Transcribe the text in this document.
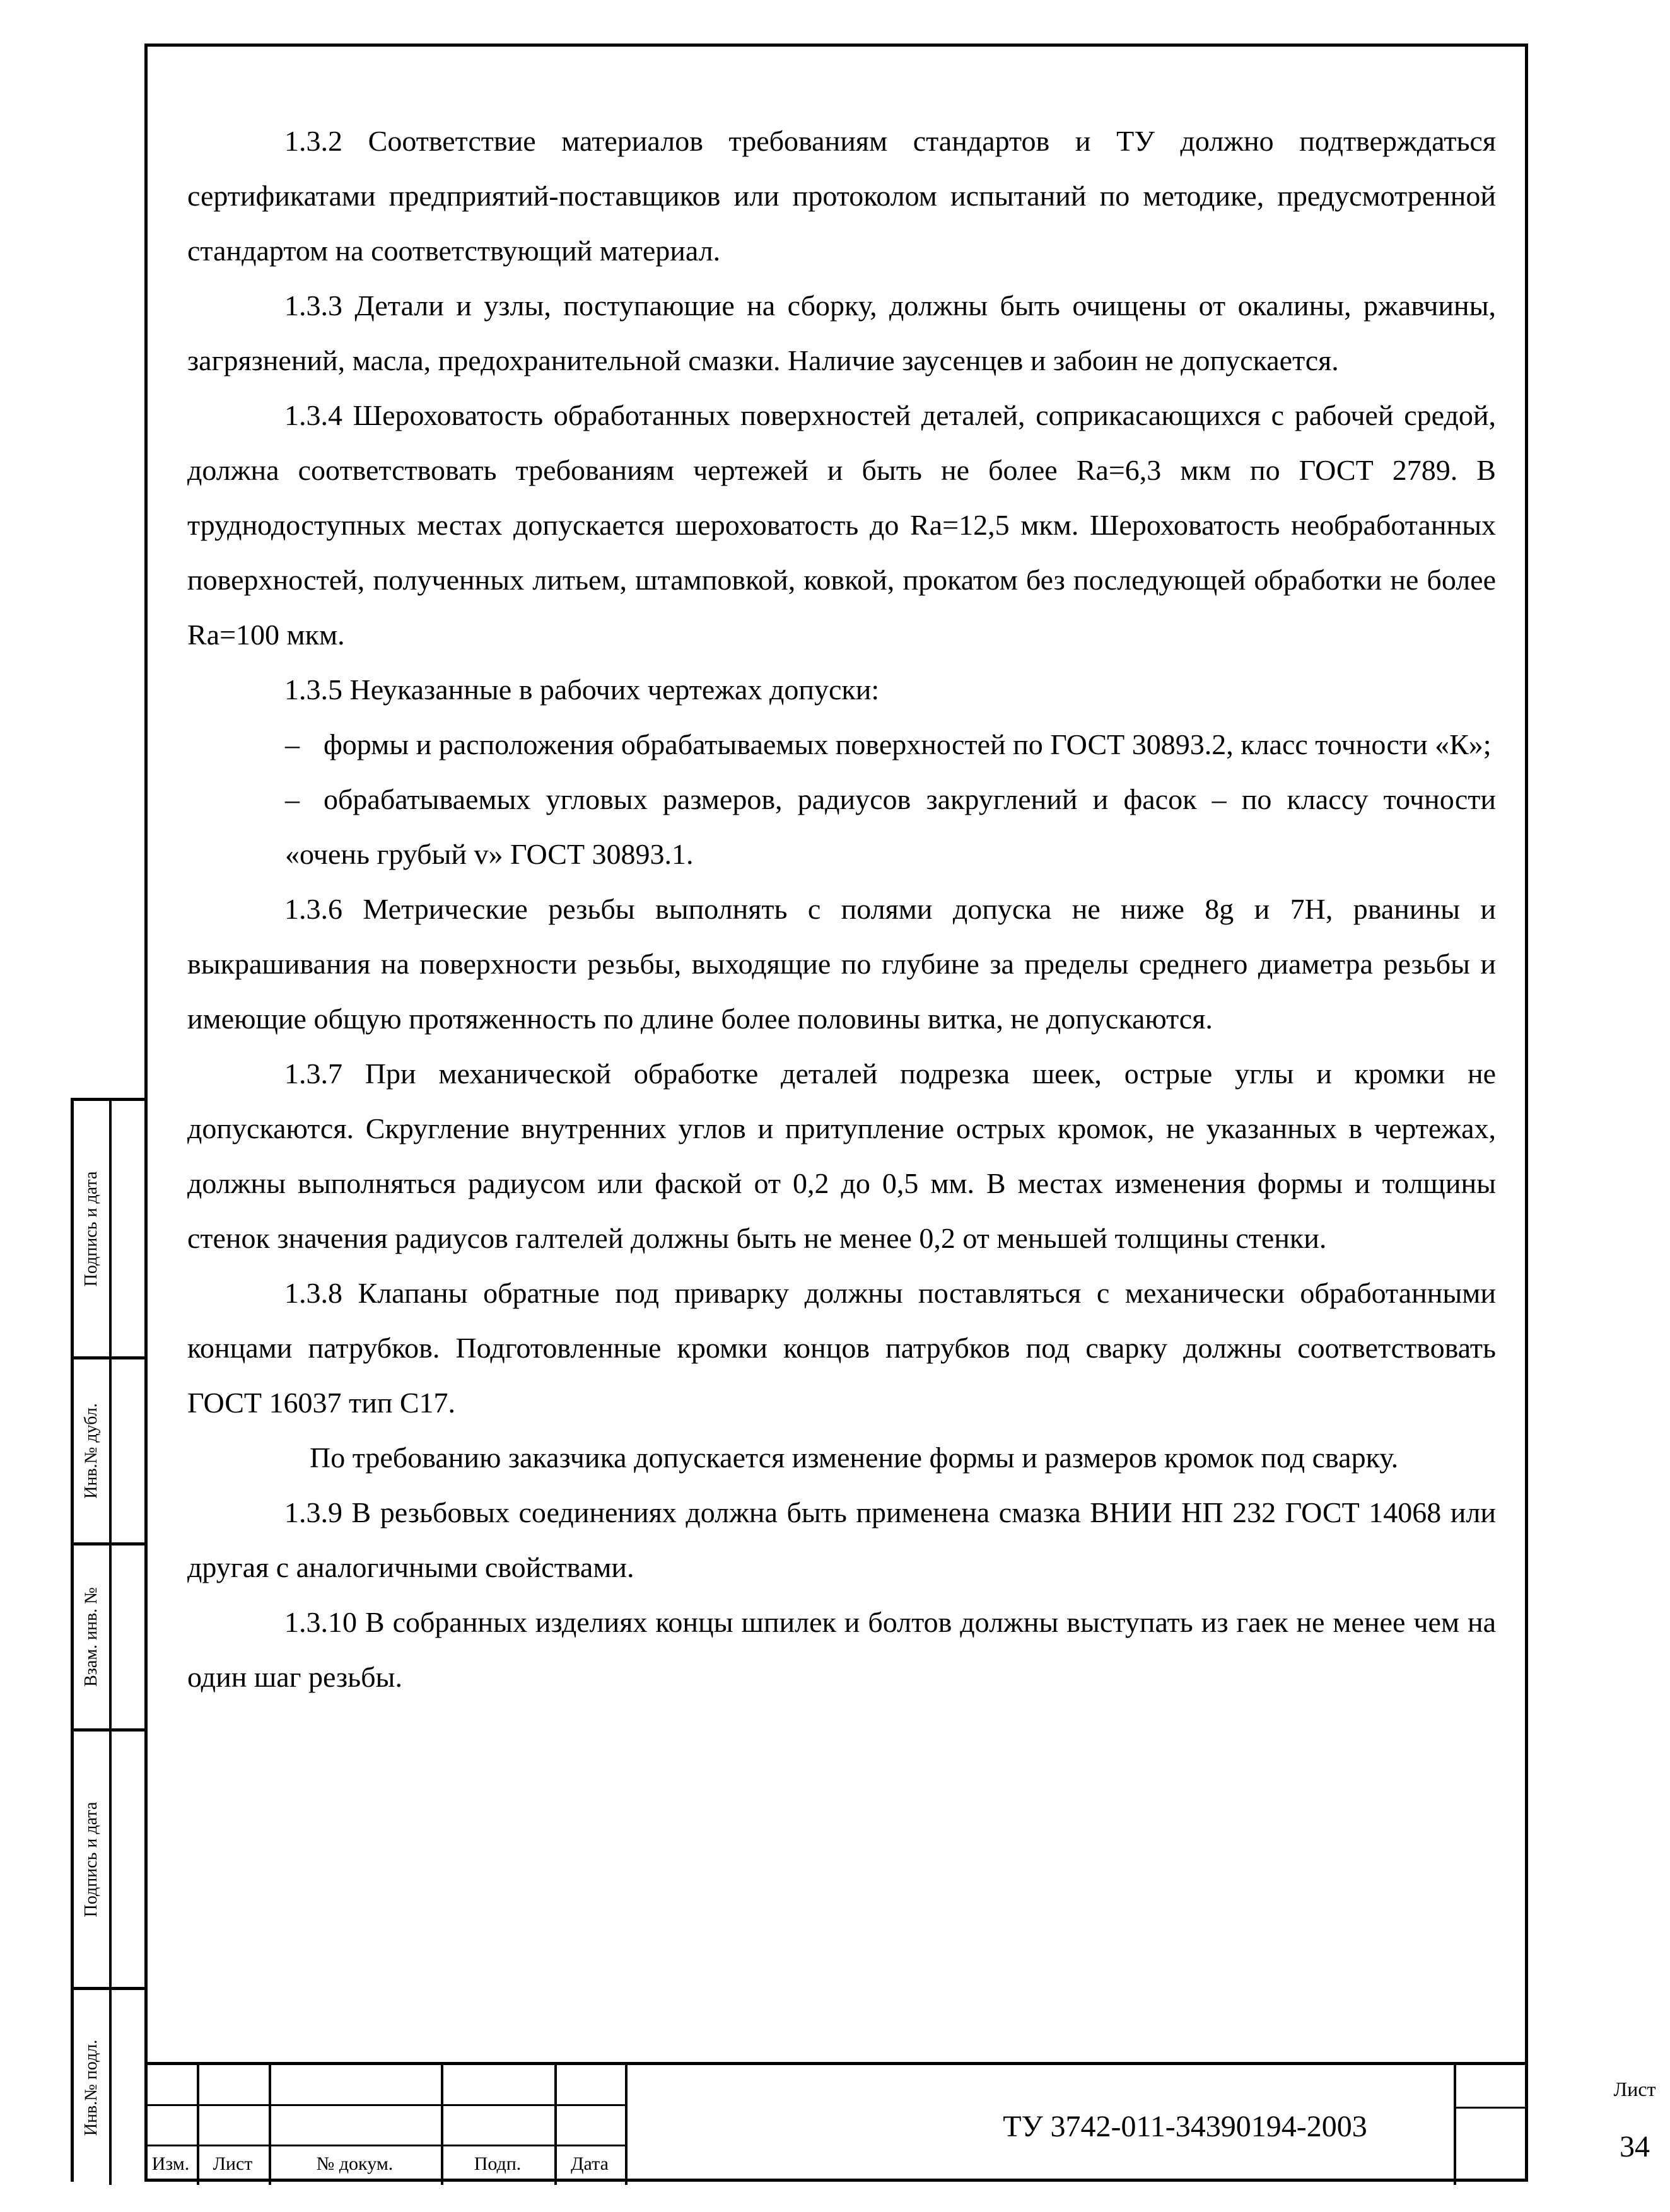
1.3.2 Соответствие материалов требованиям стандартов и ТУ должно подтверждаться сертификатами предприятий-поставщиков или протоколом испытаний по методике, предусмотренной стандартом на соответствующий материал.

1.3.3 Детали и узлы, поступающие на сборку, должны быть очищены от окалины, ржавчины, загрязнений, масла, предохранительной смазки. Наличие заусенцев и забоин не допускается.

1.3.4 Шероховатость обработанных поверхностей деталей, соприкасающихся с рабочей средой, должна соответствовать требованиям чертежей и быть не более Ra=6,3 мкм по ГОСТ 2789. В труднодоступных местах допускается шероховатость до Ra=12,5 мкм. Шероховатость необработанных поверхностей, полученных литьем, штамповкой, ковкой, прокатом без последующей обработки не более Ra=100 мкм.

1.3.5 Неуказанные в рабочих чертежах допуски:

– формы и расположения обрабатываемых поверхностей по ГОСТ 30893.2, класс точности «К»;

– обрабатываемых угловых размеров, радиусов закруглений и фасок – по классу точности «очень грубый v» ГОСТ 30893.1.

1.3.6 Метрические резьбы выполнять с полями допуска не ниже 8g и 7H, рванины и выкрашивания на поверхности резьбы, выходящие по глубине за пределы среднего диаметра резьбы и имеющие общую протяженность по длине более половины витка, не допускаются.

1.3.7 При механической обработке деталей подрезка шеек, острые углы и кромки не допускаются. Скругление внутренних углов и притупление острых кромок, не указанных в чертежах, должны выполняться радиусом или фаской от 0,2 до 0,5 мм. В местах изменения формы и толщины стенок значения радиусов галтелей должны быть не менее 0,2 от меньшей толщины стенки.

1.3.8 Клапаны обратные под приварку должны поставляться с механически обработанными концами патрубков. Подготовленные кромки концов патрубков под сварку должны соответствовать ГОСТ 16037 тип С17.

По требованию заказчика допускается изменение формы и размеров кромок под сварку.

1.3.9 В резьбовых соединениях должна быть применена смазка ВНИИ НП 232 ГОСТ 14068 или другая с аналогичными свойствами.

1.3.10 В собранных изделиях концы шпилек и болтов должны выступать из гаек не менее чем на один шаг резьбы.

Подпись и дата
Инв.№ дубл.
Взам. инв. №
Подпись и дата
Инв.№ подл.
Изм.	Лист	№ докум.	Подп.	Дата
ТУ 3742-011-34390194-2003
Лист
34
